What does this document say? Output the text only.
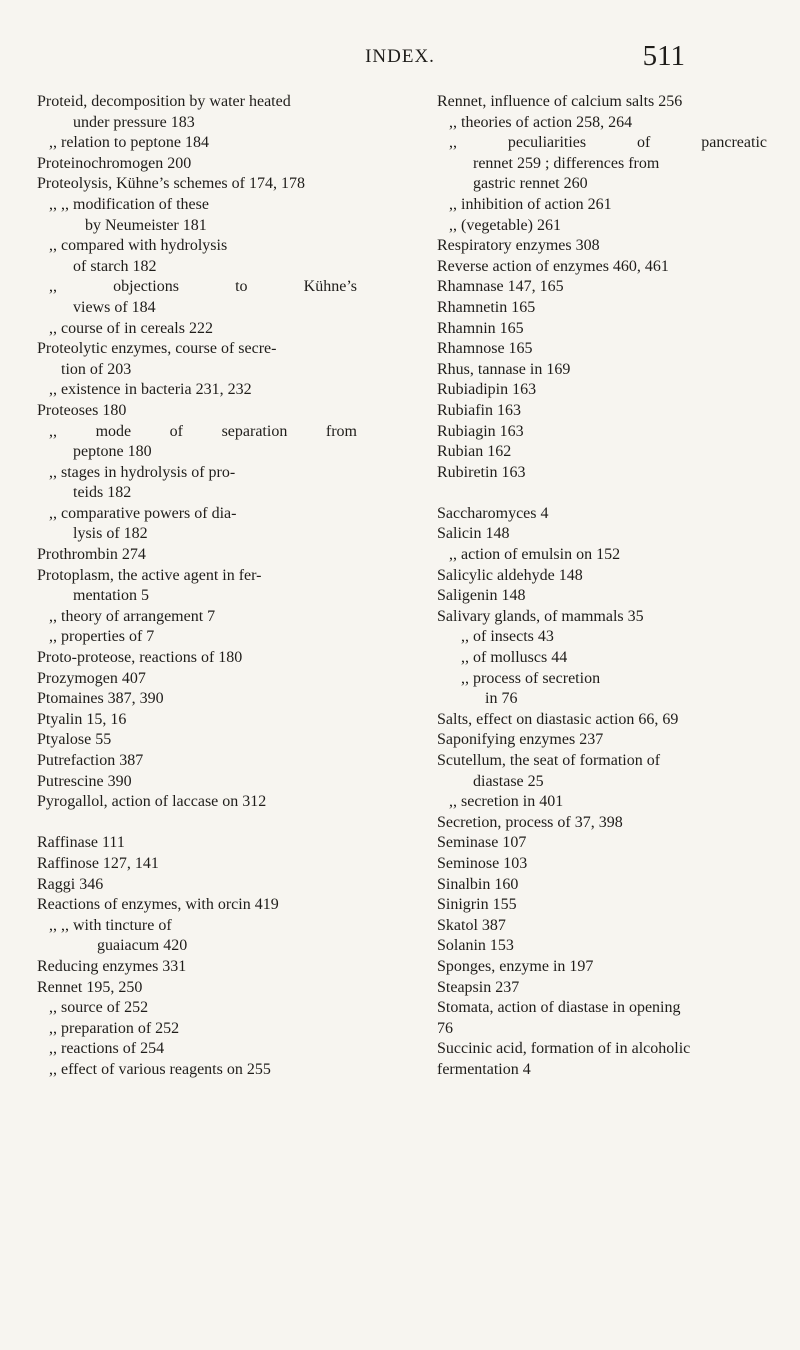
INDEX.	511
Proteid, decomposition by water heated
under pressure 183
,, relation to peptone 184
Proteinochromogen 200
Proteolysis, Kühne’s schemes of 174, 178
,, ,, modification of these
by Neumeister 181
,, compared with hydrolysis
of starch 182
,, objections to Kühne’s
views of 184
,, course of in cereals 222
Proteolytic enzymes, course of secre-
tion of 203
,, existence in bacteria 231, 232
Proteoses 180
,, mode of separation from
peptone 180
,, stages in hydrolysis of pro-
teids 182
,, comparative powers of dia-
lysis of 182
Prothrombin 274
Protoplasm, the active agent in fer-
mentation 5
,, theory of arrangement 7
,, properties of 7
Proto-proteose, reactions of 180
Prozymogen 407
Ptomaines 387, 390
Ptyalin 15, 16
Ptyalose 55
Putrefaction 387
Putrescine 390
Pyrogallol, action of laccase on 312
Raffinase 111
Raffinose 127, 141
Raggi 346
Reactions of enzymes, with orcin 419
,, ,, with tincture of
guaiacum 420
Reducing enzymes 331
Rennet 195, 250
,, source of 252
,, preparation of 252
,, reactions of 254
,, effect of various reagents on 255
Rennet, influence of calcium salts 256
,, theories of action 258, 264
,, peculiarities of pancreatic
rennet 259 ; differences from
gastric rennet 260
,, inhibition of action 261
,, (vegetable) 261
Respiratory enzymes 308
Reverse action of enzymes 460, 461
Rhamnase 147, 165
Rhamnetin 165
Rhamnin 165
Rhamnose 165
Rhus, tannase in 169
Rubiadipin 163
Rubiafin 163
Rubiagin 163
Rubian 162
Rubiretin 163
Saccharomyces 4
Salicin 148
,, action of emulsin on 152
Salicylic aldehyde 148
Saligenin 148
Salivary glands, of mammals 35
,, of insects 43
,, of molluscs 44
,, process of secretion
in 76
Salts, effect on diastasic action 66, 69
Saponifying enzymes 237
Scutellum, the seat of formation of
diastase 25
,, secretion in 401
Secretion, process of 37, 398
Seminase 107
Seminose 103
Sinalbin 160
Sinigrin 155
Skatol 387
Solanin 153
Sponges, enzyme in 197
Steapsin 237
Stomata, action of diastase in opening
76
Succinic acid, formation of in alcoholic
fermentation 4
